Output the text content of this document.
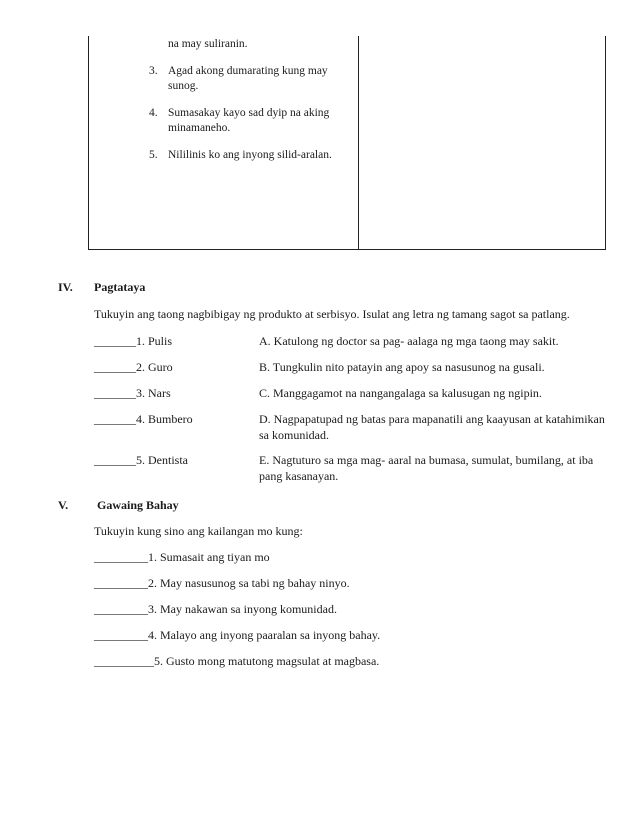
na may suliranin.
3. Agad akong dumarating kung may sunog.
4. Sumasakay kayo sad dyip na aking minamaneho.
5. Nililinis ko ang inyong silid-aralan.
IV. Pagtataya
Tukuyin ang taong nagbibigay ng produkto at serbisyo. Isulat ang letra ng tamang sagot sa patlang.
_______1. Pulis	A. Katulong ng doctor sa pag- aalaga ng mga taong may sakit.
_______2. Guro	B. Tungkulin nito patayin ang apoy sa nasusunog na gusali.
_______3. Nars	C. Manggagamot na nangangalaga sa kalusugan ng ngipin.
_______4. Bumbero	D. Nagpapatupad ng batas para mapanatili ang kaayusan at katahimikan sa komunidad.
_______5. Dentista	E. Nagtuturo sa mga mag- aaral na bumasa, sumulat, bumilang, at iba pang kasanayan.
V. Gawaing Bahay
Tukuyin kung sino ang kailangan mo kung:
_________1. Sumasait ang tiyan mo
_________2. May nasusunog sa tabi ng bahay ninyo.
_________3. May nakawan sa inyong komunidad.
_________4. Malayo ang inyong paaralan sa inyong bahay.
__________5. Gusto mong matutong magsulat at magbasa.
